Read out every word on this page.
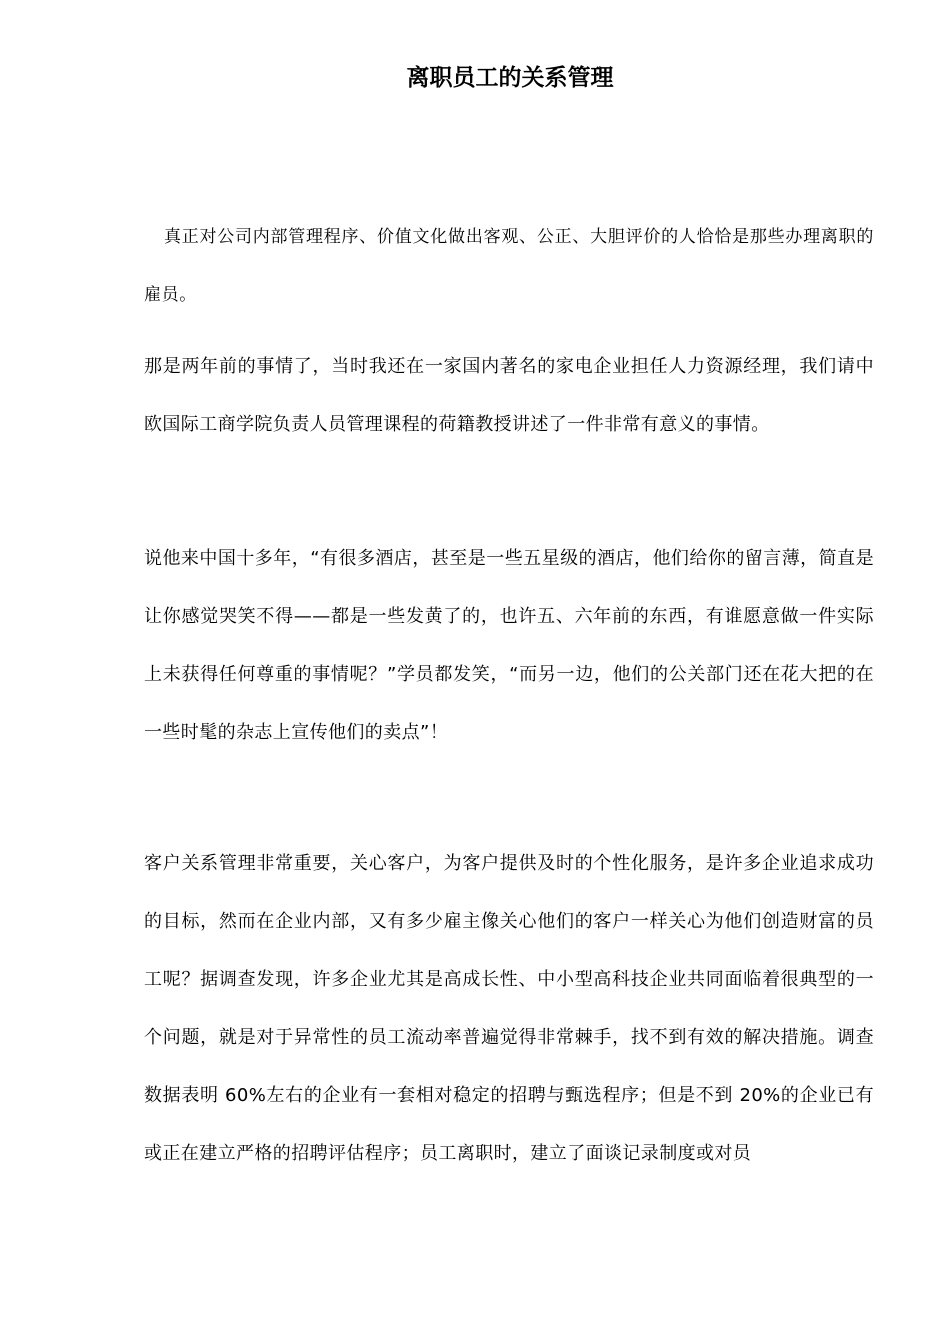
离职员工的关系管理

真正对公司内部管理程序、价值文化做出客观、公正、大胆评价的人恰恰是那些办理离职的雇员。

那是两年前的事情了，当时我还在一家国内著名的家电企业担任人力资源经理，我们请中欧国际工商学院负责人员管理课程的荷籍教授讲述了一件非常有意义的事情。

说他来中国十多年，“有很多酒店，甚至是一些五星级的酒店，他们给你的留言薄，简直是让你感觉哭笑不得——都是一些发黄了的，也许五、六年前的东西，有谁愿意做一件实际上未获得任何尊重的事情呢？”学员都发笑，“而另一边，他们的公关部门还在花大把的在一些时髦的杂志上宣传他们的卖点”！

客户关系管理非常重要，关心客户，为客户提供及时的个性化服务，是许多企业追求成功的目标，然而在企业内部，又有多少雇主像关心他们的客户一样关心为他们创造财富的员工呢？据调查发现，许多企业尤其是高成长性、中小型高科技企业共同面临着很典型的一个问题，就是对于异常性的员工流动率普遍觉得非常棘手，找不到有效的解决措施。调查数据表明 60%左右的企业有一套相对稳定的招聘与甄选程序；但是不到 20%的企业已有或正在建立严格的招聘评估程序；员工离职时，建立了面谈记录制度或对员
